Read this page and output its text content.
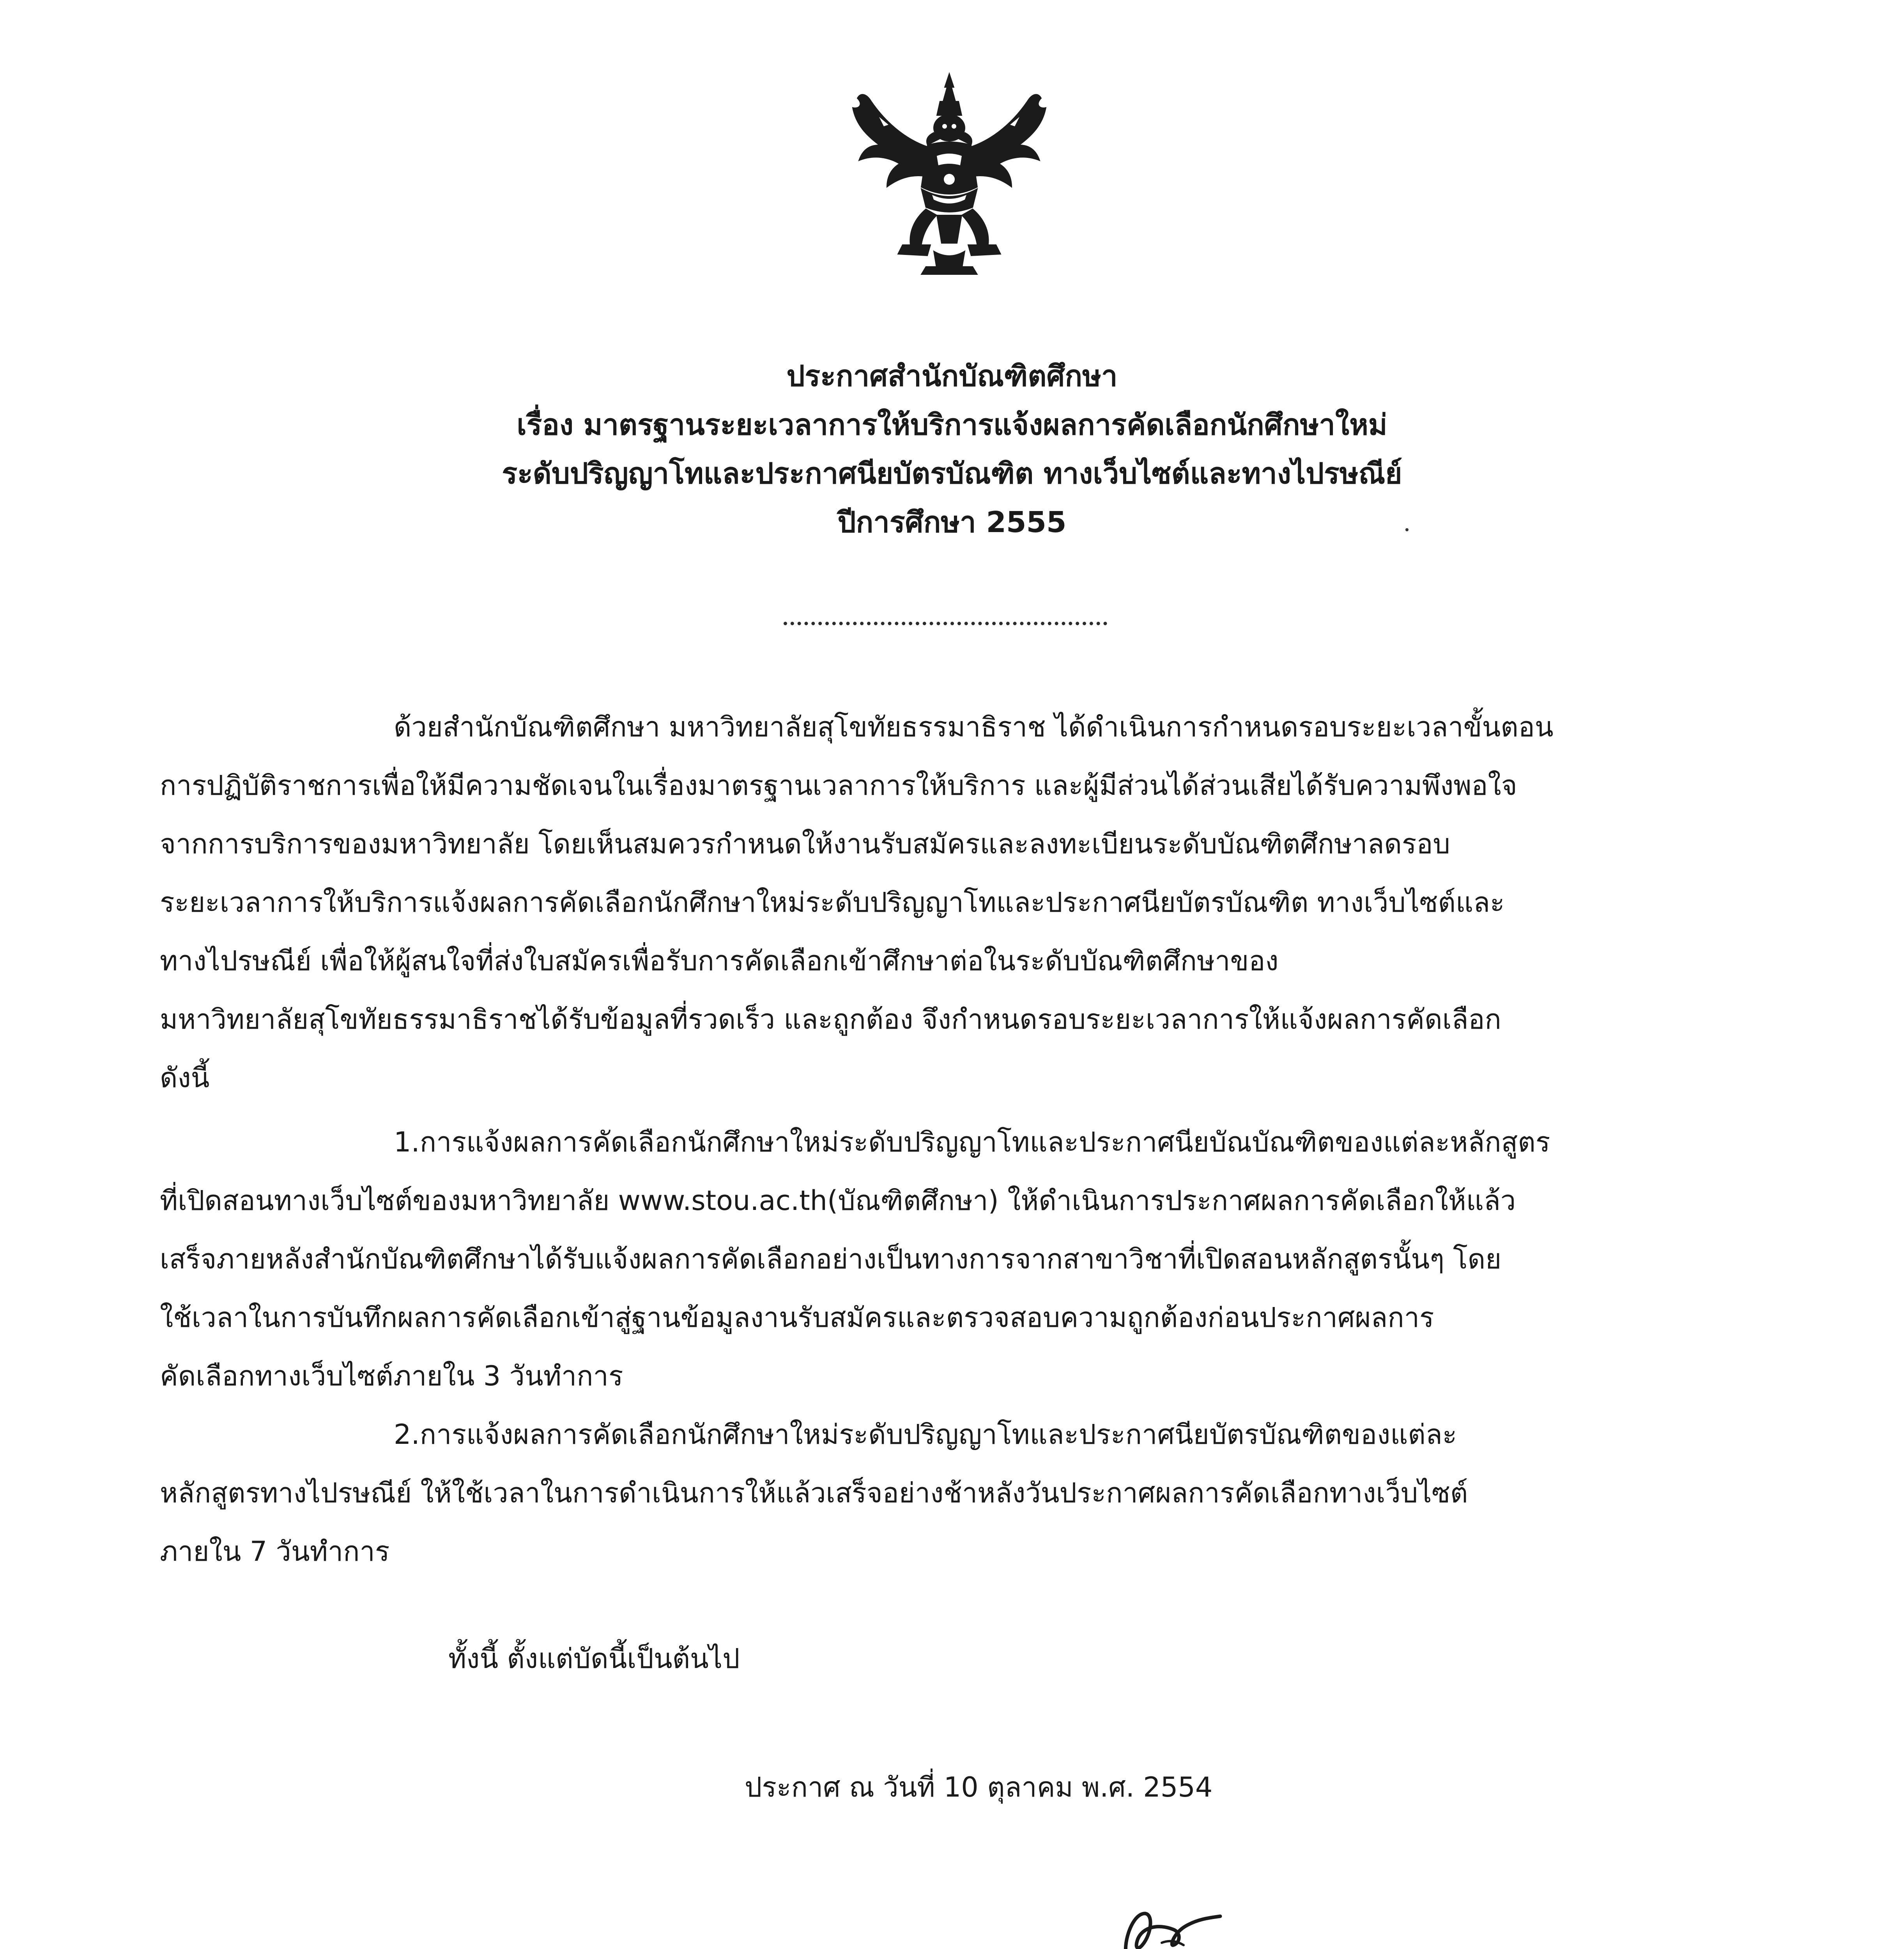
ประกาศสำนักบัณฑิตศึกษา
เรื่อง มาตรฐานระยะเวลาการให้บริการแจ้งผลการคัดเลือกนักศึกษาใหม่
ระดับปริญญาโทและประกาศนียบัตรบัณฑิต ทางเว็บไซต์และทางไปรษณีย์
ปีการศึกษา 2555
ด้วยสำนักบัณฑิตศึกษา มหาวิทยาลัยสุโขทัยธรรมาธิราช ได้ดำเนินการกำหนดรอบระยะเวลาขั้นตอน
การปฏิบัติราชการเพื่อให้มีความชัดเจนในเรื่องมาตรฐานเวลาการให้บริการ และผู้มีส่วนได้ส่วนเสียได้รับความพึงพอใจ
จากการบริการของมหาวิทยาลัย โดยเห็นสมควรกำหนดให้งานรับสมัครและลงทะเบียนระดับบัณฑิตศึกษาลดรอบ
ระยะเวลาการให้บริการแจ้งผลการคัดเลือกนักศึกษาใหม่ระดับปริญญาโทและประกาศนียบัตรบัณฑิต ทางเว็บไซต์และ
ทางไปรษณีย์ เพื่อให้ผู้สนใจที่ส่งใบสมัครเพื่อรับการคัดเลือกเข้าศึกษาต่อในระดับบัณฑิตศึกษาของ
มหาวิทยาลัยสุโขทัยธรรมาธิราชได้รับข้อมูลที่รวดเร็ว และถูกต้อง จึงกำหนดรอบระยะเวลาการให้แจ้งผลการคัดเลือก
ดังนี้
1.การแจ้งผลการคัดเลือกนักศึกษาใหม่ระดับปริญญาโทและประกาศนียบัณบัณฑิตของแต่ละหลักสูตร
ที่เปิดสอนทางเว็บไซต์ของมหาวิทยาลัย www.stou.ac.th(บัณฑิตศึกษา) ให้ดำเนินการประกาศผลการคัดเลือกให้แล้ว
เสร็จภายหลังสำนักบัณฑิตศึกษาได้รับแจ้งผลการคัดเลือกอย่างเป็นทางการจากสาขาวิชาที่เปิดสอนหลักสูตรนั้นๆ โดย
ใช้เวลาในการบันทึกผลการคัดเลือกเข้าสู่ฐานข้อมูลงานรับสมัครและตรวจสอบความถูกต้องก่อนประกาศผลการ
คัดเลือกทางเว็บไซต์ภายใน 3 วันทำการ
2.การแจ้งผลการคัดเลือกนักศึกษาใหม่ระดับปริญญาโทและประกาศนียบัตรบัณฑิตของแต่ละ
หลักสูตรทางไปรษณีย์ ให้ใช้เวลาในการดำเนินการให้แล้วเสร็จอย่างช้าหลังวันประกาศผลการคัดเลือกทางเว็บไซต์
ภายใน 7 วันทำการ
ทั้งนี้ ตั้งแต่บัดนี้เป็นต้นไป
ประกาศ ณ วันที่ 10 ตุลาคม พ.ศ. 2554
